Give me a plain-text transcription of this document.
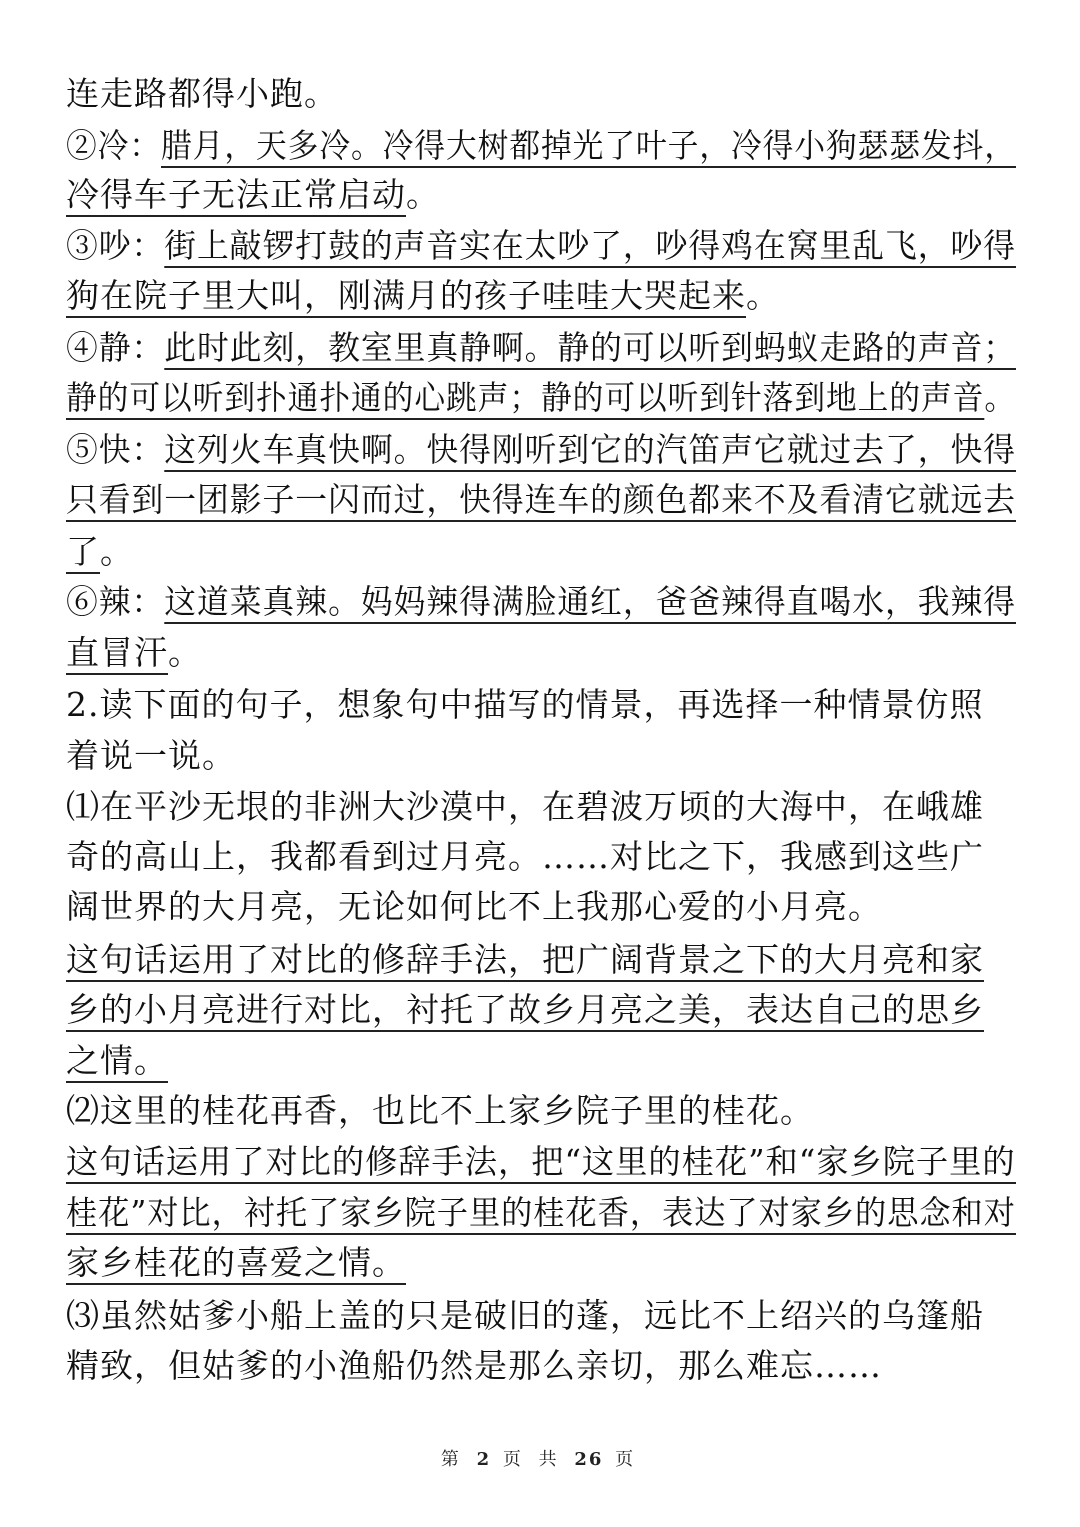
连走路都得小跑。
②冷：腊月，天多冷。冷得大树都掉光了叶子，冷得小狗瑟瑟发抖，
冷得车子无法正常启动。
③吵：街上敲锣打鼓的声音实在太吵了，吵得鸡在窝里乱飞，吵得
狗在院子里大叫，刚满月的孩子哇哇大哭起来。
④静：此时此刻，教室里真静啊。静的可以听到蚂蚁走路的声音；
静的可以听到扑通扑通的心跳声；静的可以听到针落到地上的声音。
⑤快：这列火车真快啊。快得刚听到它的汽笛声它就过去了，快得
只看到一团影子一闪而过，快得连车的颜色都来不及看清它就远去
了。
⑥辣：这道菜真辣。妈妈辣得满脸通红，爸爸辣得直喝水，我辣得
直冒汗。
2.读下面的句子，想象句中描写的情景，再选择一种情景仿照
着说一说。
⑴在平沙无垠的非洲大沙漠中，在碧波万顷的大海中，在峨雄
奇的高山上，我都看到过月亮。……对比之下，我感到这些广
阔世界的大月亮，无论如何比不上我那心爱的小月亮。
这句话运用了对比的修辞手法，把广阔背景之下的大月亮和家
乡的小月亮进行对比，衬托了故乡月亮之美，表达自己的思乡
之情。
⑵这里的桂花再香，也比不上家乡院子里的桂花。
这句话运用了对比的修辞手法，把“这里的桂花”和“家乡院子里的
桂花”对比，衬托了家乡院子里的桂花香，表达了对家乡的思念和对
家乡桂花的喜爱之情。
⑶虽然姑爹小船上盖的只是破旧的蓬，远比不上绍兴的乌篷船
精致，但姑爹的小渔船仍然是那么亲切，那么难忘……
第 2 页 共 26 页
